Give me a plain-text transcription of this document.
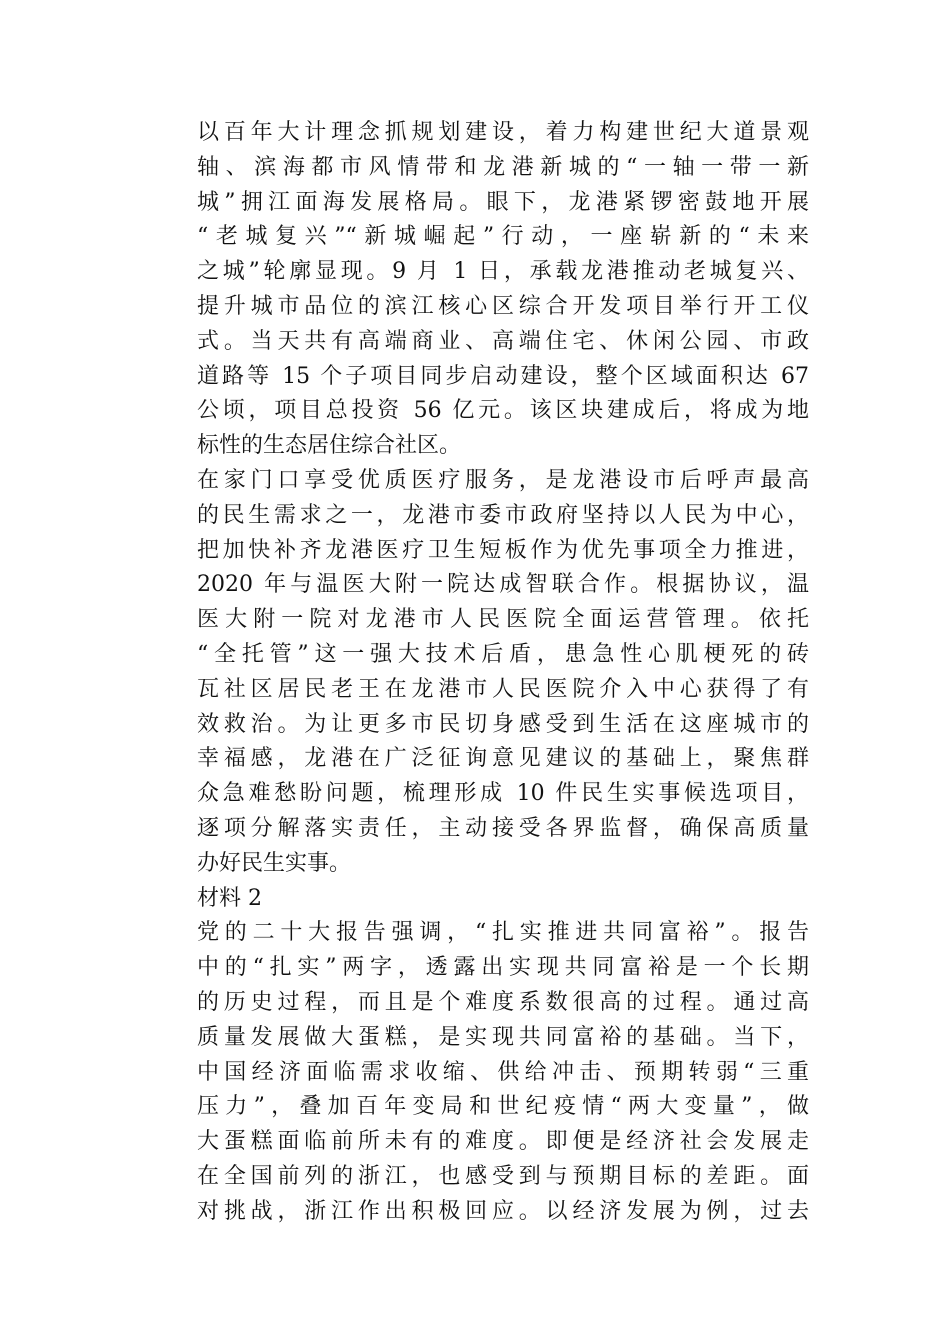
以百年大计理念抓规划建设，着力构建世纪大道景观
轴、滨海都市风情带和龙港新城的“一轴一带一新
城”拥江面海发展格局。眼下，龙港紧锣密鼓地开展
“老城复兴”“新城崛起”行动，一座崭新的“未来
之城”轮廓显现。9 月 1 日，承载龙港推动老城复兴、
提升城市品位的滨江核心区综合开发项目举行开工仪
式。当天共有高端商业、高端住宅、休闲公园、市政
道路等 15 个子项目同步启动建设，整个区域面积达 67
公顷，项目总投资 56 亿元。该区块建成后，将成为地
标性的生态居住综合社区。
在家门口享受优质医疗服务，是龙港设市后呼声最高
的民生需求之一，龙港市委市政府坚持以人民为中心，
把加快补齐龙港医疗卫生短板作为优先事项全力推进，
2020 年与温医大附一院达成智联合作。根据协议，温
医大附一院对龙港市人民医院全面运营管理。依托
“全托管”这一强大技术后盾，患急性心肌梗死的砖
瓦社区居民老王在龙港市人民医院介入中心获得了有
效救治。为让更多市民切身感受到生活在这座城市的
幸福感，龙港在广泛征询意见建议的基础上，聚焦群
众急难愁盼问题，梳理形成 10 件民生实事候选项目，
逐项分解落实责任，主动接受各界监督，确保高质量
办好民生实事。
材料 2
党的二十大报告强调，“扎实推进共同富裕”。报告
中的“扎实”两字，透露出实现共同富裕是一个长期
的历史过程，而且是个难度系数很高的过程。通过高
质量发展做大蛋糕，是实现共同富裕的基础。当下，
中国经济面临需求收缩、供给冲击、预期转弱“三重
压力”，叠加百年变局和世纪疫情“两大变量”，做
大蛋糕面临前所未有的难度。即便是经济社会发展走
在全国前列的浙江，也感受到与预期目标的差距。面
对挑战，浙江作出积极回应。以经济发展为例，过去
